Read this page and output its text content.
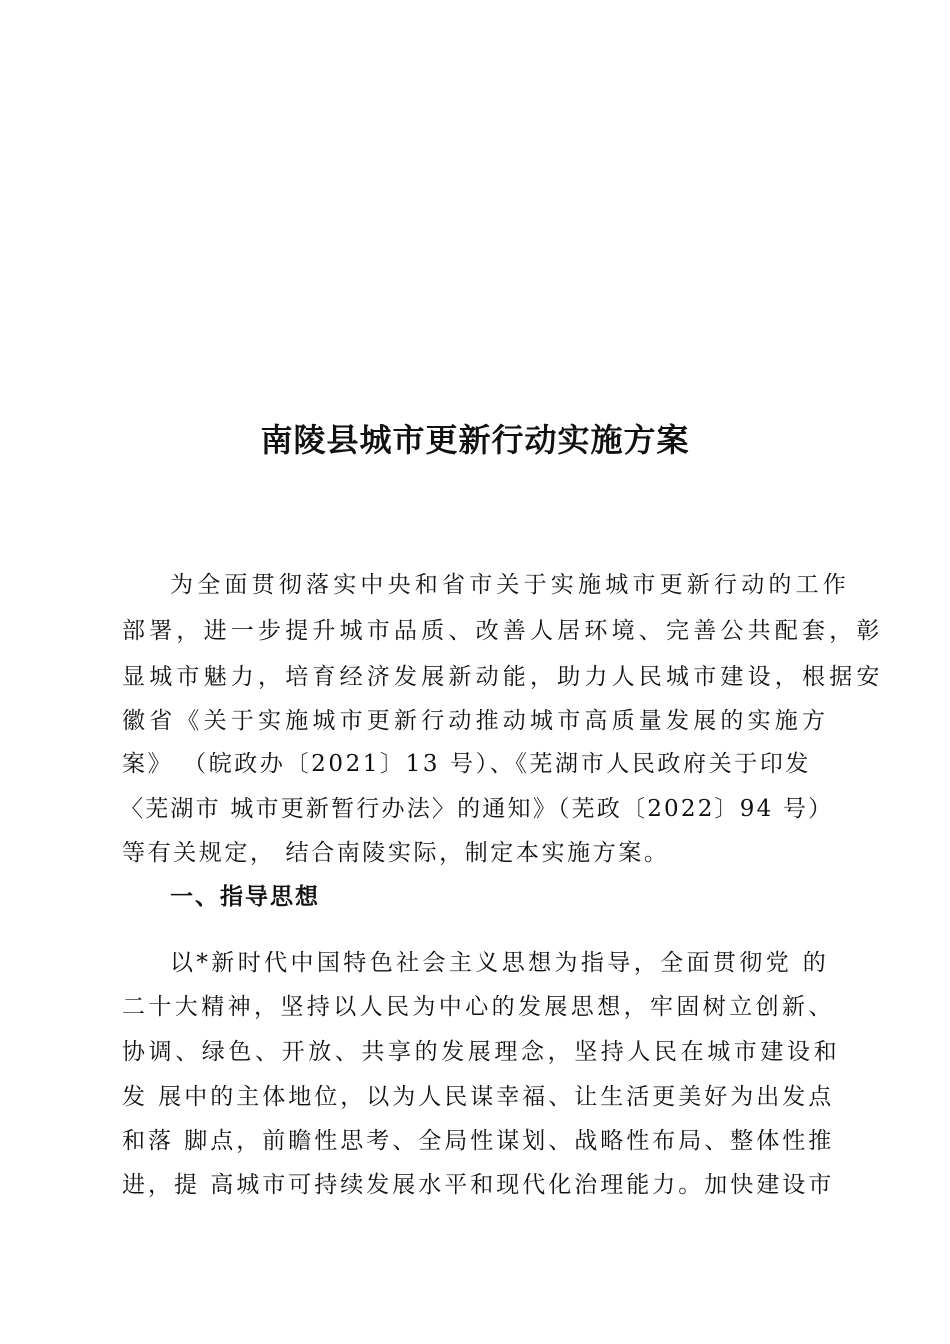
南陵县城市更新行动实施方案

为全面贯彻落实中央和省市关于实施城市更新行动的工作

部署，进一步提升城市品质、改善人居环境、完善公共配套，彰

显城市魅力，培育经济发展新动能，助力人民城市建设，根据安

徽省《关于实施城市更新行动推动城市高质量发展的实施方

案》 （皖政办〔2021〕13 号）、《芜湖市人民政府关于印发

〈芜湖市 城市更新暂行办法〉的通知》（芜政〔2022〕94 号）

等有关规定， 结合南陵实际，制定本实施方案。

一、指导思想

以*新时代中国特色社会主义思想为指导，全面贯彻党 的

二十大精神，坚持以人民为中心的发展思想，牢固树立创新、

协调、绿色、开放、共享的发展理念，坚持人民在城市建设和

发 展中的主体地位，以为人民谋幸福、让生活更美好为出发点

和落 脚点，前瞻性思考、全局性谋划、战略性布局、整体性推

进，提 高城市可持续发展水平和现代化治理能力。加快建设市
